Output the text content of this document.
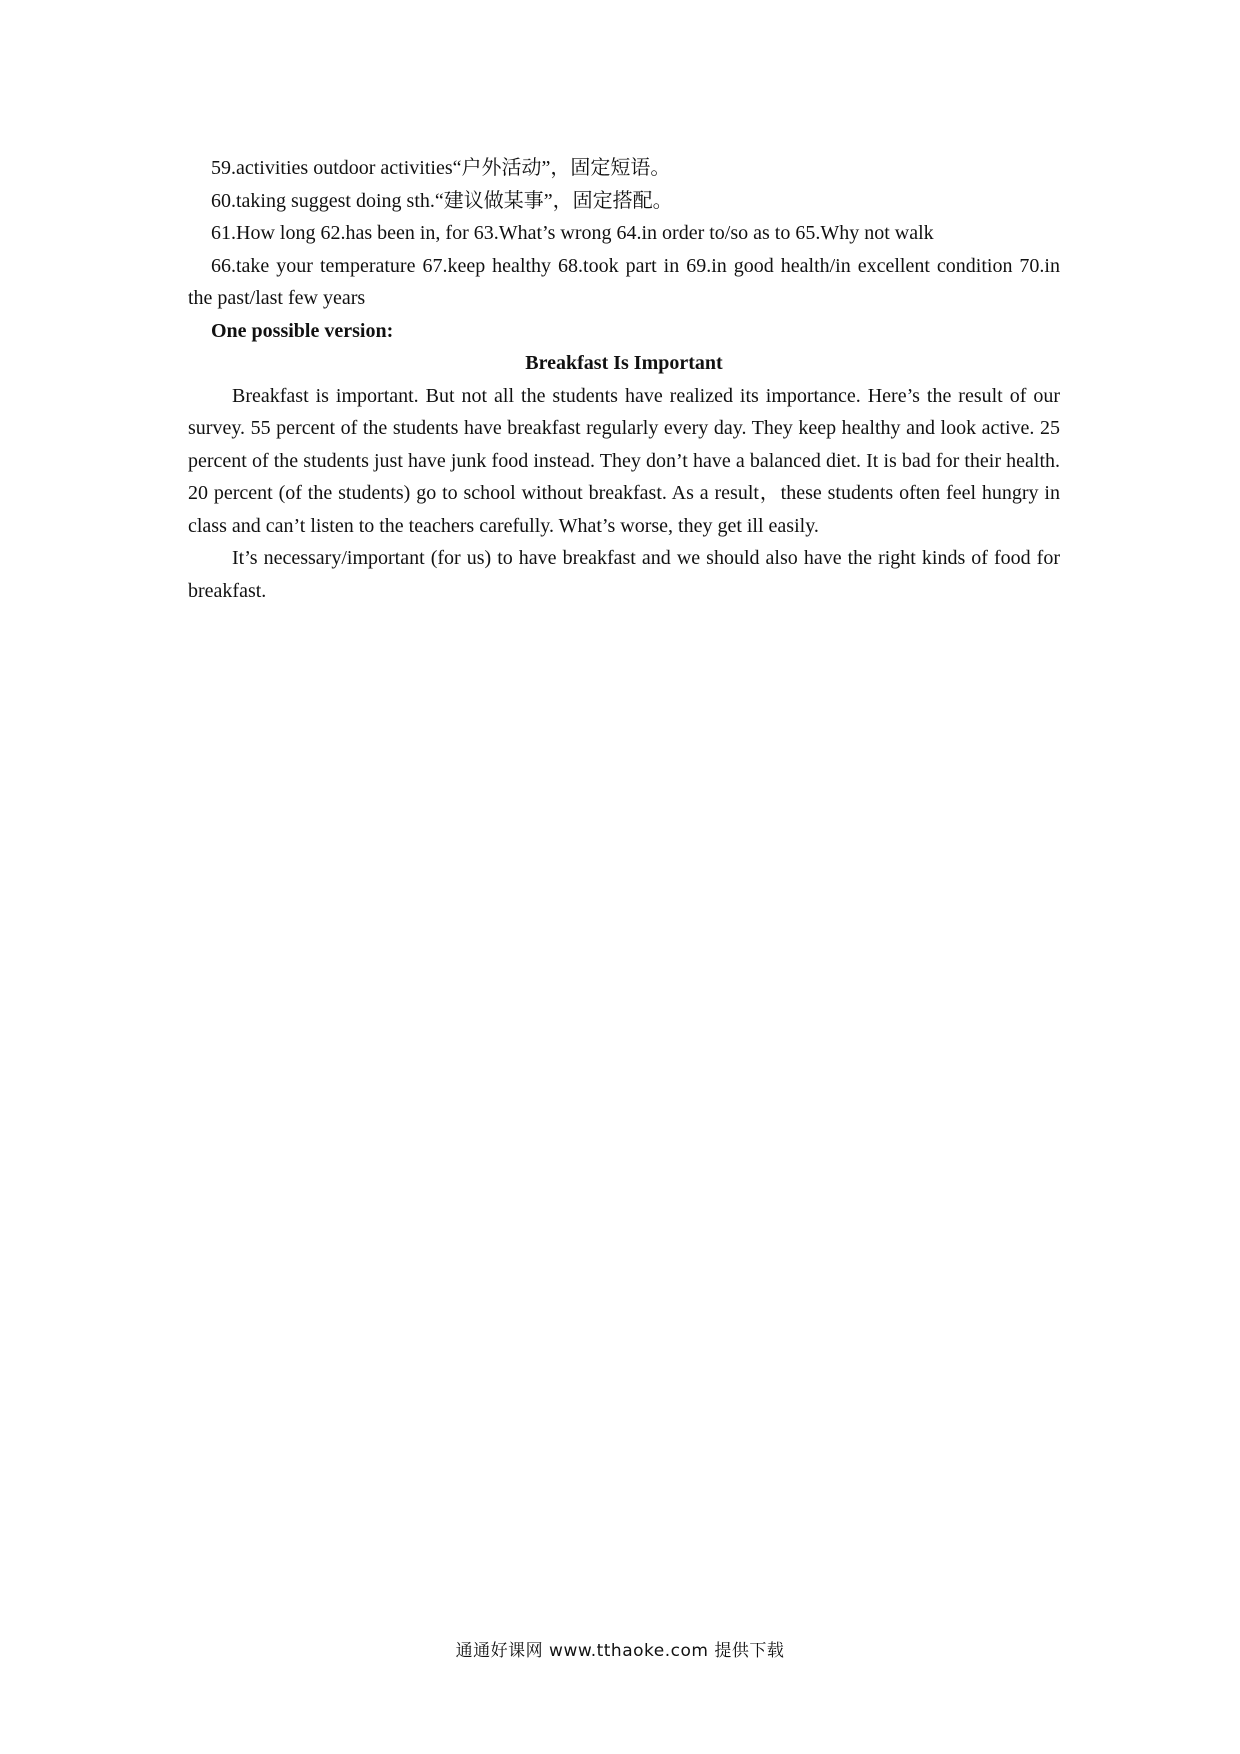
59.activities outdoor activities“户外活动”，固定短语。

60.taking suggest doing sth.“建议做某事”，固定搭配。

61.How long 62.has been in, for 63.What’s wrong 64.in order to/so as to 65.Why not walk

66.take your temperature 67.keep healthy 68.took part in 69.in good health/in excellent condition 70.in the past/last few years

One possible version:

Breakfast Is Important

Breakfast is important. But not all the students have realized its importance. Here’s the result of our survey. 55 percent of the students have breakfast regularly every day. They keep healthy and look active. 25 percent of the students just have junk food instead. They don’t have a balanced diet. It is bad for their health. 20 percent (of the students) go to school without breakfast. As a result，these students often feel hungry in class and can’t listen to the teachers carefully. What’s worse, they get ill easily.

It’s necessary/important (for us) to have breakfast and we should also have the right kinds of food for breakfast.

通通好课网 www.tthaoke.com 提供下载
